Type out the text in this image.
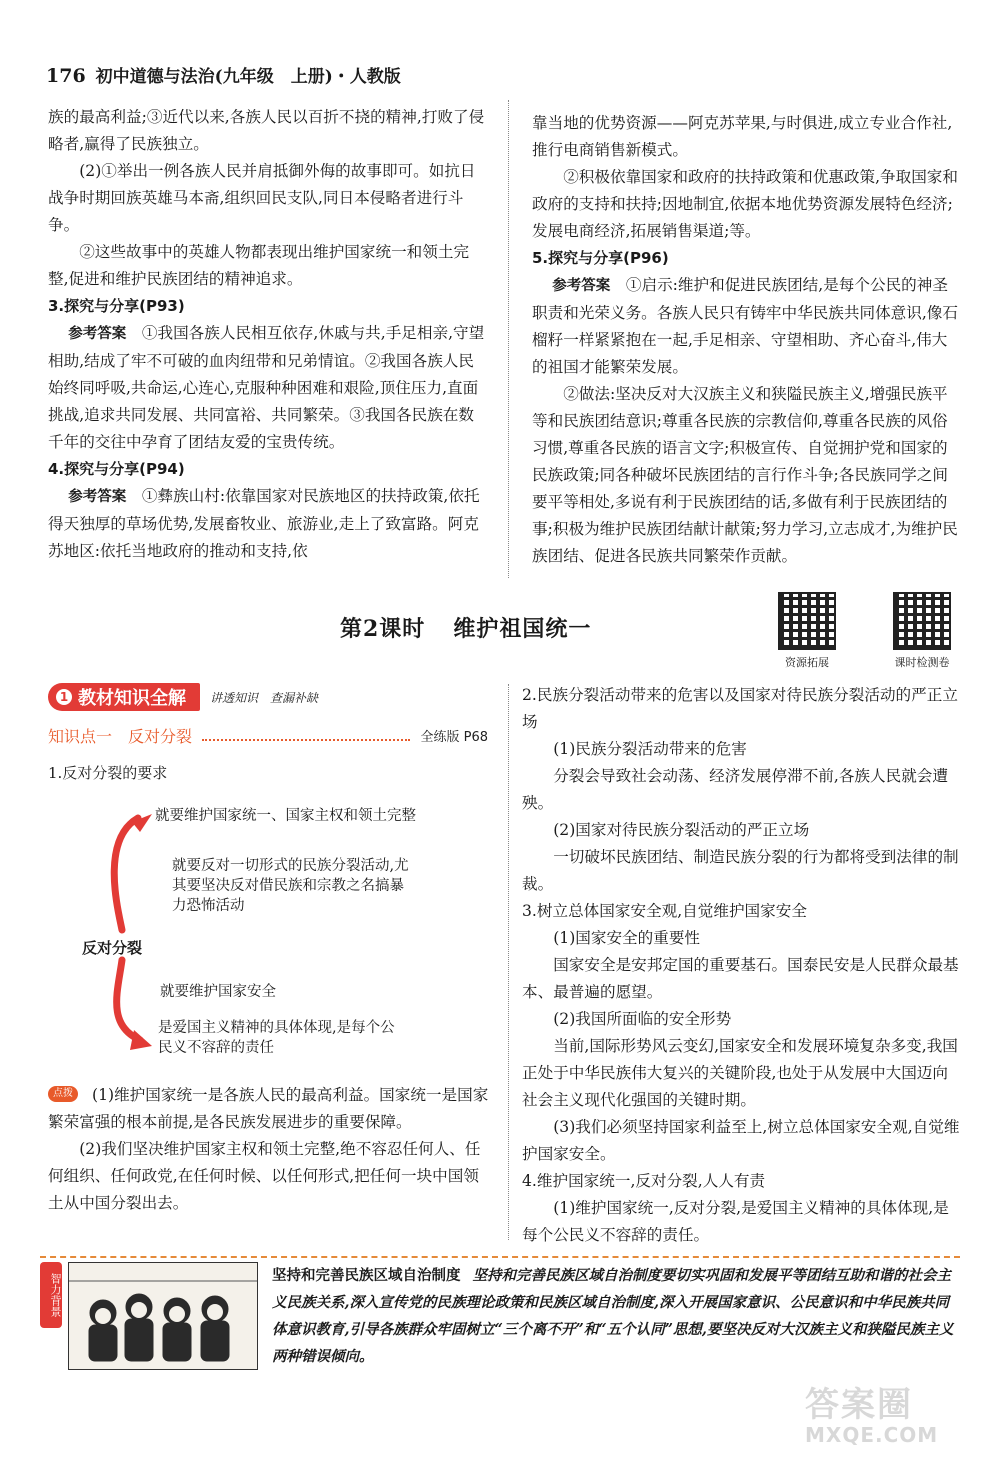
176 初中道德与法治(九年级　上册)・人教版

族的最高利益;③近代以来,各族人民以百折不挠的精神,打败了侵略者,赢得了民族独立。

(2)①举出一例各族人民并肩抵御外侮的故事即可。如抗日战争时期回族英雄马本斋,组织回民支队,同日本侵略者进行斗争。

②这些故事中的英雄人物都表现出维护国家统一和领土完整,促进和维护民族团结的精神追求。

3.探究与分享(P93)

参考答案　 ①我国各族人民相互依存,休戚与共,手足相亲,守望相助,结成了牢不可破的血肉纽带和兄弟情谊。②我国各族人民始终同呼吸,共命运,心连心,克服种种困难和艰险,顶住压力,直面挑战,追求共同发展、共同富裕、共同繁荣。③我国各民族在数千年的交往中孕育了团结友爱的宝贵传统。

4.探究与分享(P94)

参考答案　 ①彝族山村:依靠国家对民族地区的扶持政策,依托得天独厚的草场优势,发展畜牧业、旅游业,走上了致富路。阿克苏地区:依托当地政府的推动和支持,依

靠当地的优势资源——阿克苏苹果,与时俱进,成立专业合作社,推行电商销售新模式。

②积极依靠国家和政府的扶持政策和优惠政策,争取国家和政府的支持和扶持;因地制宜,依据本地优势资源发展特色经济;发展电商经济,拓展销售渠道;等。

5.探究与分享(P96)

参考答案　 ①启示:维护和促进民族团结,是每个公民的神圣职责和光荣义务。各族人民只有铸牢中华民族共同体意识,像石榴籽一样紧紧抱在一起,手足相亲、守望相助、齐心奋斗,伟大的祖国才能繁荣发展。

②做法:坚决反对大汉族主义和狭隘民族主义,增强民族平等和民族团结意识;尊重各民族的宗教信仰,尊重各民族的风俗习惯,尊重各民族的语言文字;积极宣传、自觉拥护党和国家的民族政策;同各种破坏民族团结的言行作斗争;各民族同学之间要平等相处,多说有利于民族团结的话,多做有利于民族团结的事;积极为维护民族团结献计献策;努力学习,立志成才,为维护民族团结、促进各民族共同繁荣作贡献。

第2课时 维护祖国统一
资源拓展	课时检测卷
1 教材知识全解 讲透知识　查漏补缺
知识点一　反对分裂	全练版 P68
1.反对分裂的要求
反对分裂
就要维护国家统一、国家主权和领土完整
就要反对一切形式的民族分裂活动,尤其要坚决反对借民族和宗教之名搞暴力恐怖活动
就要维护国家安全
是爱国主义精神的具体体现,是每个公民义不容辞的责任

(1)维护国家统一是各族人民的最高利益。国家统一是国家繁荣富强的根本前提,是各民族发展进步的重要保障。

(2)我们坚决维护国家主权和领土完整,绝不容忍任何人、任何组织、任何政党,在任何时候、以任何形式,把任何一块中国领土从中国分裂出去。

点拨

2.民族分裂活动带来的危害以及国家对待民族分裂活动的严正立场

(1)民族分裂活动带来的危害

分裂会导致社会动荡、经济发展停滞不前,各族人民就会遭殃。

(2)国家对待民族分裂活动的严正立场

一切破坏民族团结、制造民族分裂的行为都将受到法律的制裁。

3.树立总体国家安全观,自觉维护国家安全

(1)国家安全的重要性

国家安全是安邦定国的重要基石。国泰民安是人民群众最基本、最普遍的愿望。

(2)我国所面临的安全形势

当前,国际形势风云变幻,国家安全和发展环境复杂多变,我国正处于中华民族伟大复兴的关键阶段,也处于从发展中大国迈向社会主义现代化强国的关键时期。

(3)我们必须坚持国家利益至上,树立总体国家安全观,自觉维护国家安全。

4.维护国家统一,反对分裂,人人有责

(1)维护国家统一,反对分裂,是爱国主义精神的具体体现,是每个公民义不容辞的责任。

智力背景	坚持和完善民族区域自治制度 坚持和完善民族区域自治制度要切实巩固和发展平等团结互助和谐的社会主义民族关系,深入宣传党的民族理论政策和民族区域自治制度,深入开展国家意识、公民意识和中华民族共同体意识教育,引导各族群众牢固树立“三个离不开”和“五个认同”思想,要坚决反对大汉族主义和狭隘民族主义两种错误倾向。
答案圈
MXQE.COM
